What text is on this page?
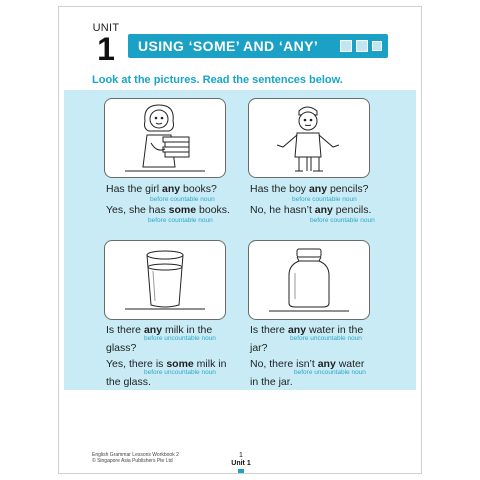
UNIT
1	USING ‘SOME’ AND ‘ANY’
Look at the pictures. Read the sentences below.
Has the girl any books?
before countable noun
Yes, she has some books.
before countable noun
Has the boy any pencils?
before countable noun
No, he hasn’t any pencils.
before countable noun
Is there any milk in the
before uncountable noun
glass?
Yes, there is some milk in
before uncountable noun
the glass.
Is there any water in the
before uncountable noun
jar?
No, there isn’t any water
before uncountable noun
in the jar.
English Grammar Lessons Workbook 2
© Singapore Asia Publishers Pte Ltd
1
Unit 1
